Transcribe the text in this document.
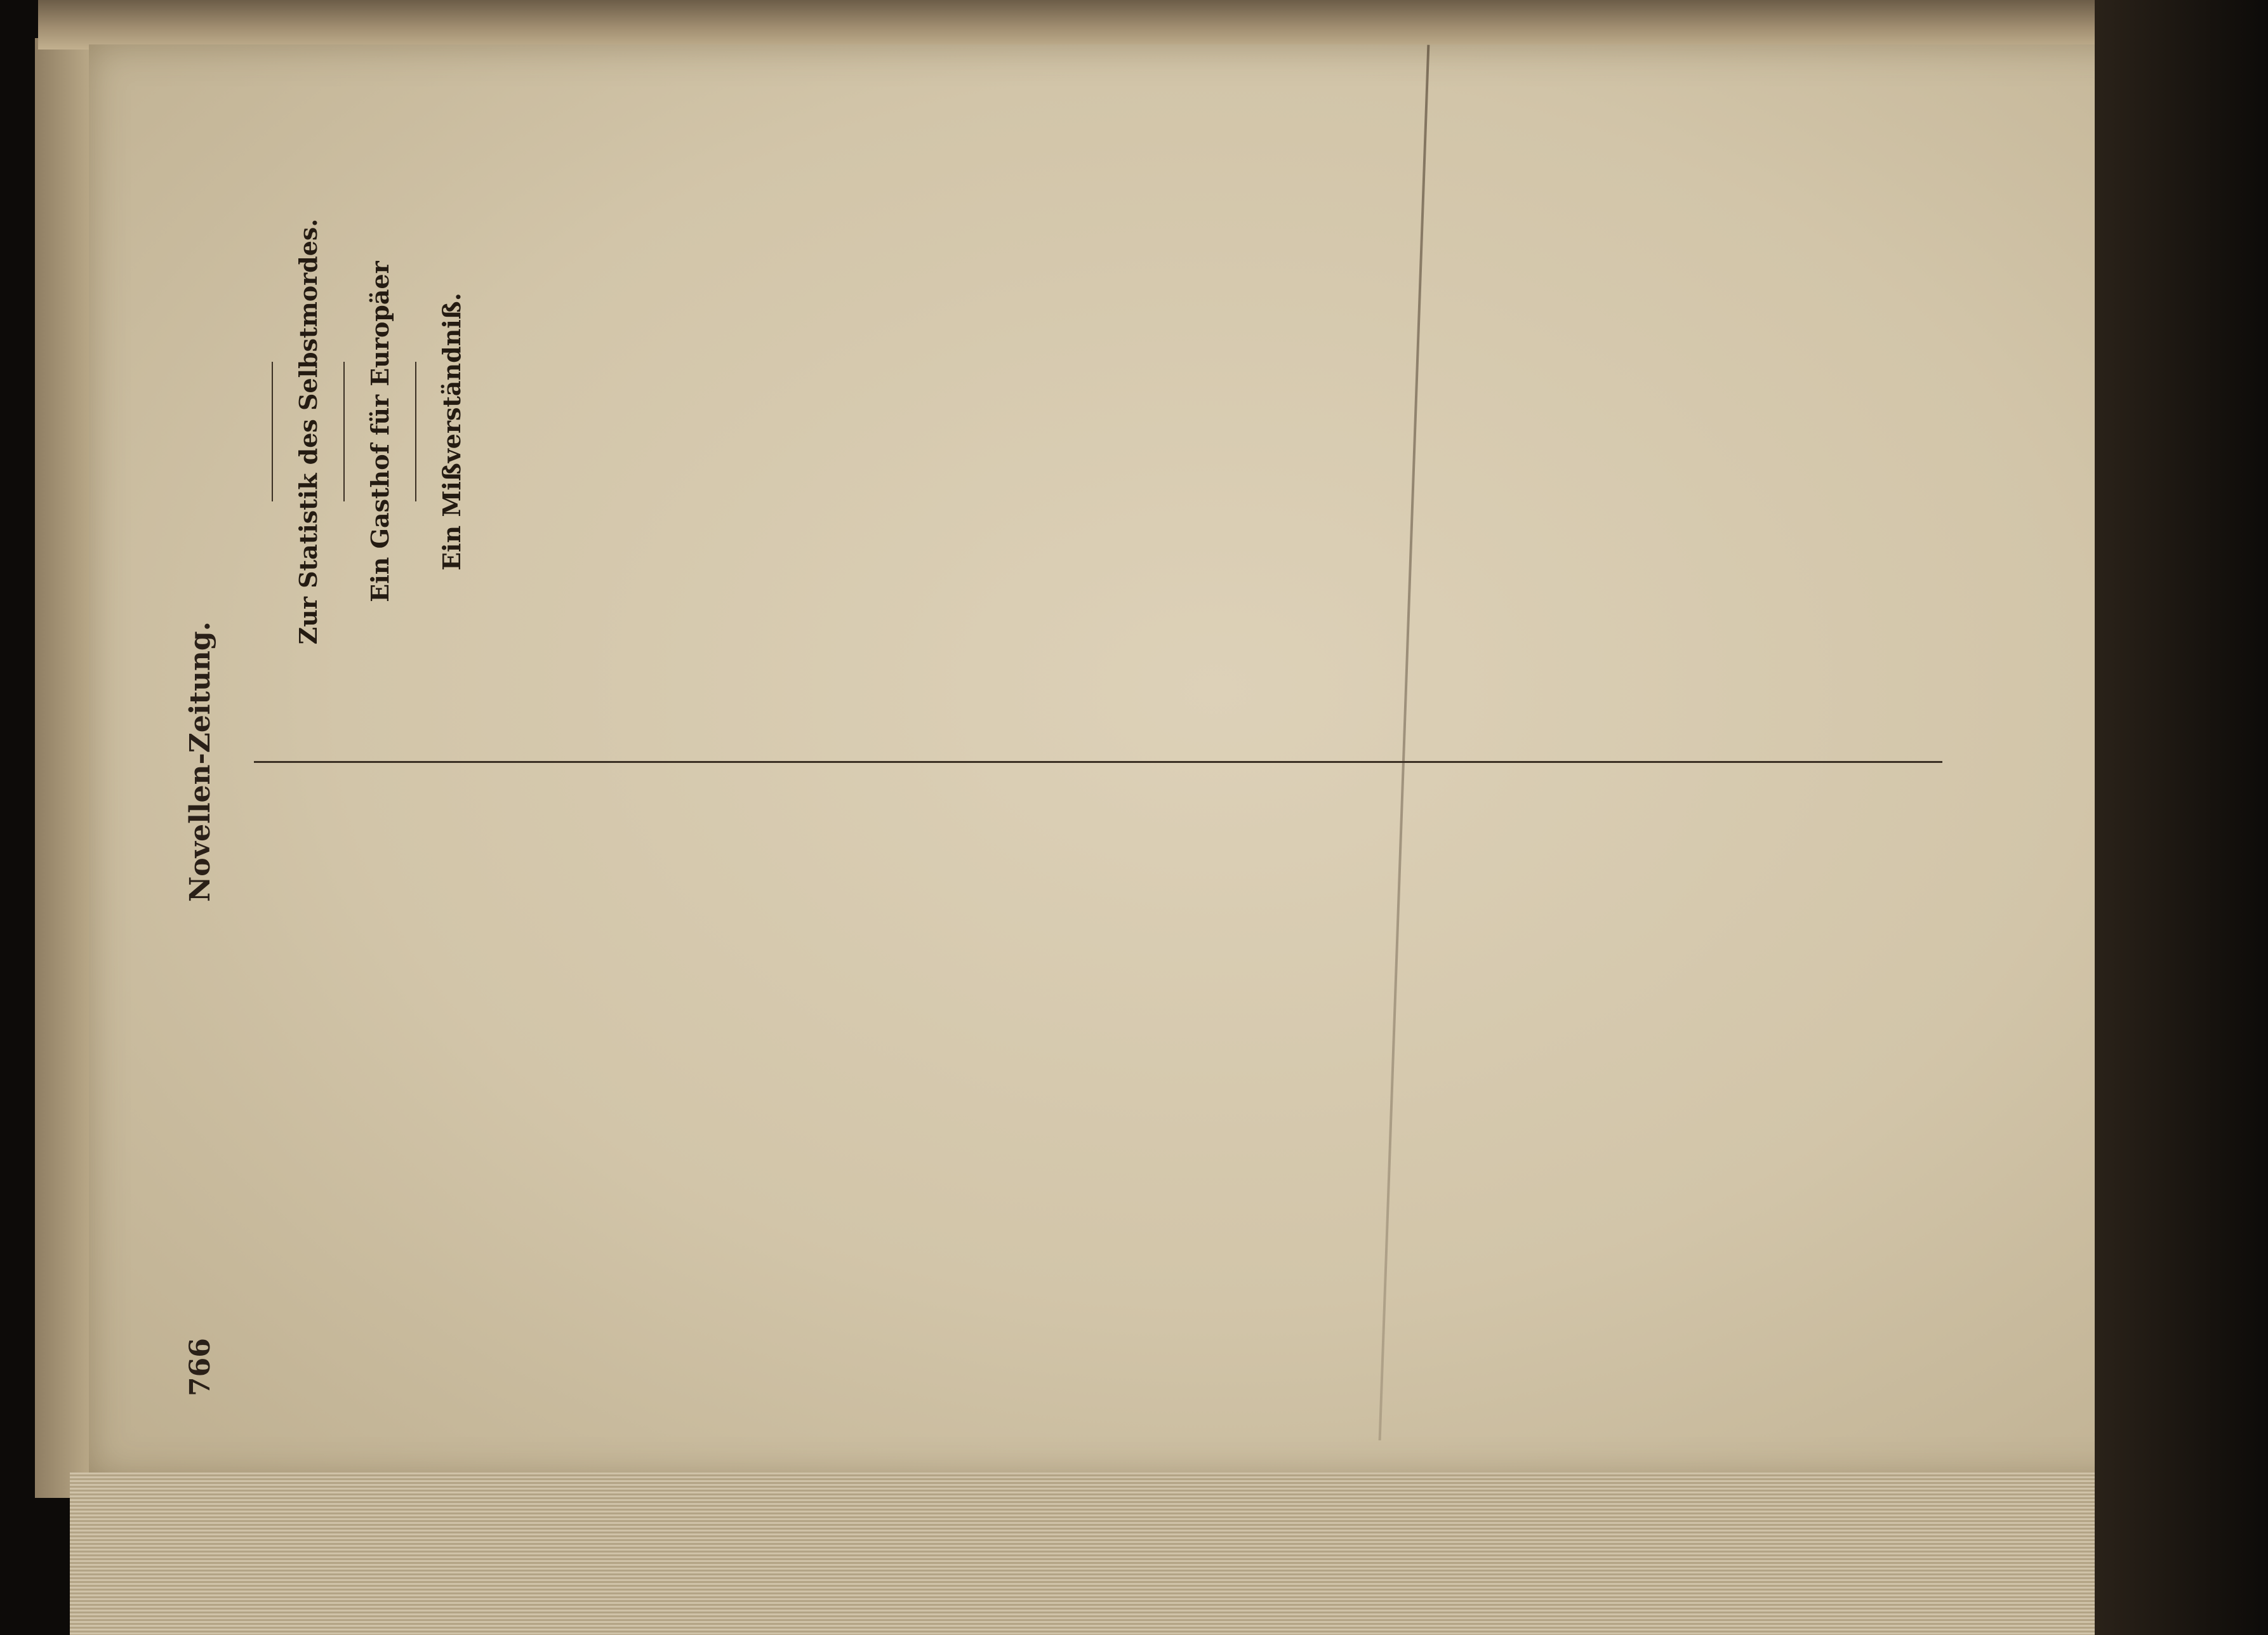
766
Novellen-Zeitung.
Zur Statistik des Selbstmordes. Ein Gasthof für Europäer Ein Mißverständniß.
